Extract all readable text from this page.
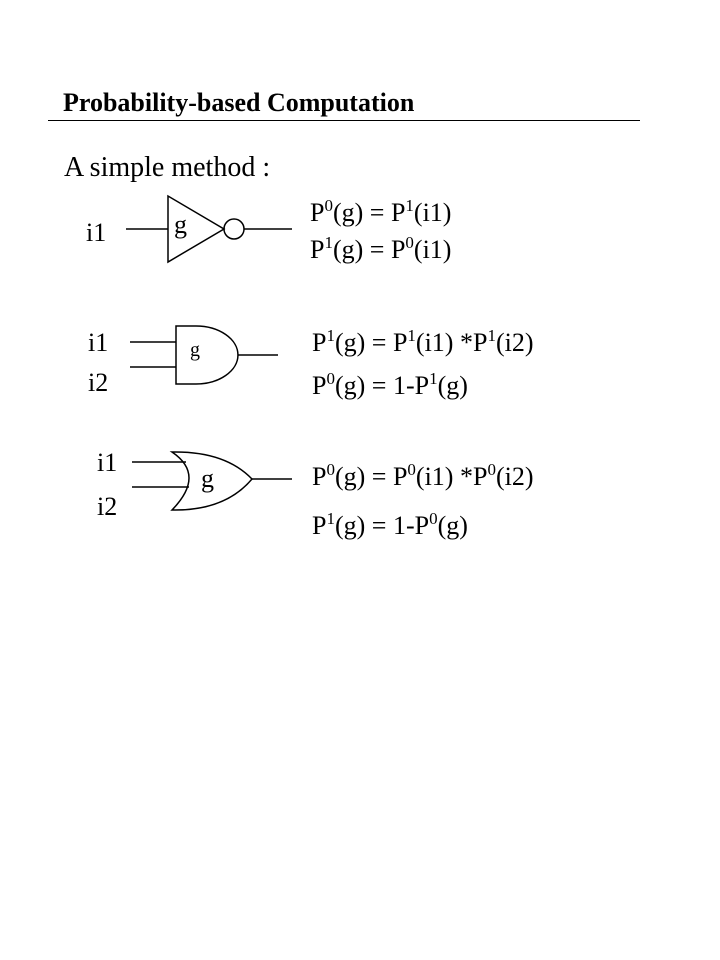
Probability-based Computation
A simple method :
i1	g	$P^0(g) = P^1(i1)$
$P^1(g) = P^0(i1)$
i1
i2
g	$P^1(g) = P^1(i1)$ $*P^1(i2)$
$P^0(g) = 1-P^1(g)$
i1
i2
g	$P^0(g) = P^0(i1)$ $*P^0(i2)$
$P^1(g) = 1-P^0(g)$
